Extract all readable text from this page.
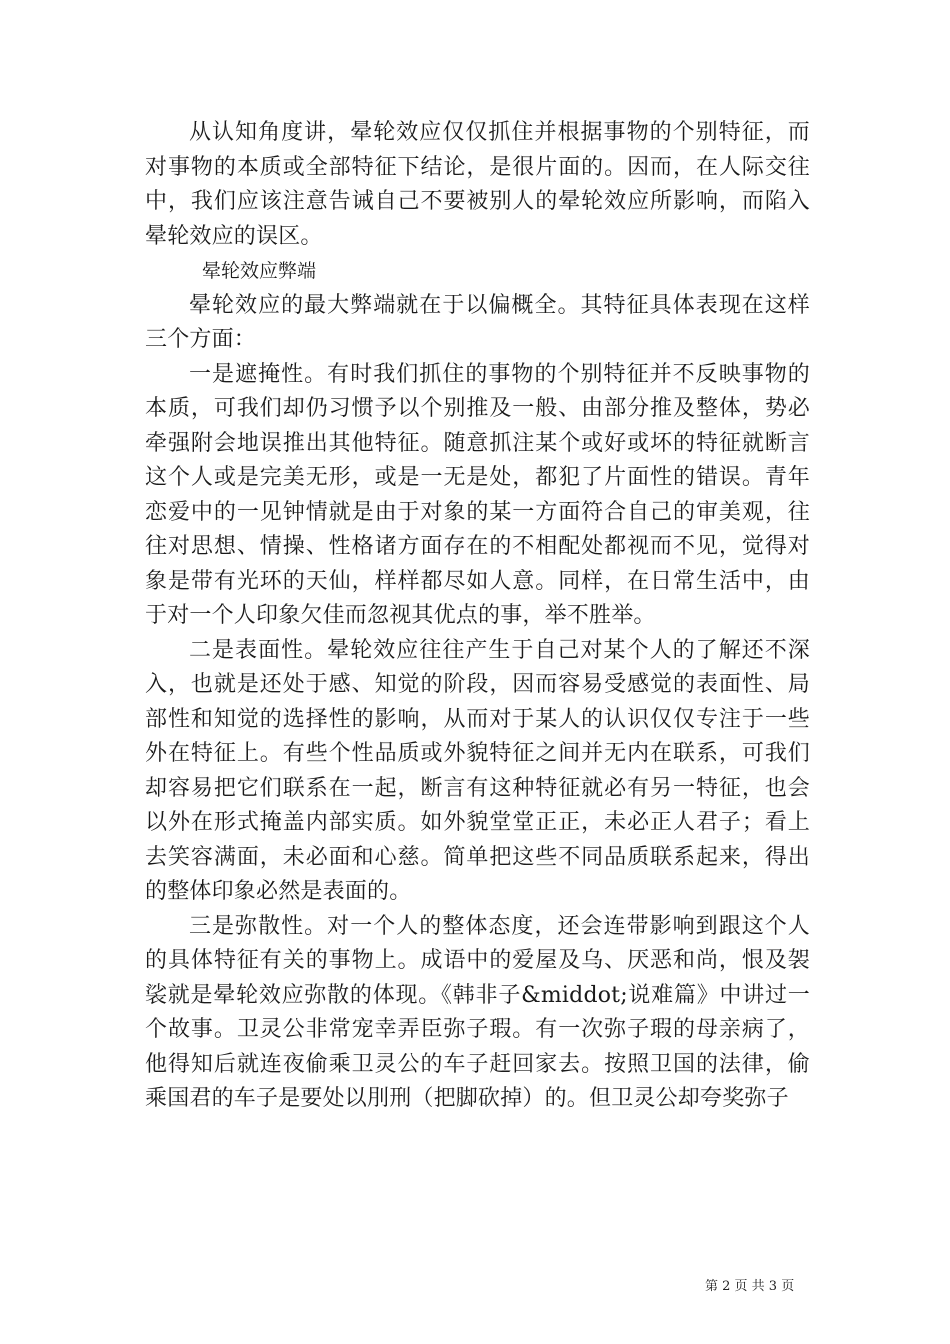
从认知角度讲，晕轮效应仅仅抓住并根据事物的个别特征，而对事物的本质或全部特征下结论，是很片面的。因而，在人际交往中，我们应该注意告诫自己不要被别人的晕轮效应所影响，而陷入晕轮效应的误区。

晕轮效应弊端

晕轮效应的最大弊端就在于以偏概全。其特征具体表现在这样三个方面：

一是遮掩性。有时我们抓住的事物的个别特征并不反映事物的本质，可我们却仍习惯予以个别推及一般、由部分推及整体，势必牵强附会地误推出其他特征。随意抓注某个或好或坏的特征就断言这个人或是完美无形，或是一无是处，都犯了片面性的错误。青年恋爱中的一见钟情就是由于对象的某一方面符合自己的审美观，往往对思想、情操、性格诸方面存在的不相配处都视而不见，觉得对象是带有光环的天仙，样样都尽如人意。同样，在日常生活中，由于对一个人印象欠佳而忽视其优点的事，举不胜举。

二是表面性。晕轮效应往往产生于自己对某个人的了解还不深入，也就是还处于感、知觉的阶段，因而容易受感觉的表面性、局部性和知觉的选择性的影响，从而对于某人的认识仅仅专注于一些外在特征上。有些个性品质或外貌特征之间并无内在联系，可我们却容易把它们联系在一起，断言有这种特征就必有另一特征，也会以外在形式掩盖内部实质。如外貌堂堂正正，未必正人君子；看上去笑容满面，未必面和心慈。简单把这些不同品质联系起来，得出的整体印象必然是表面的。

三是弥散性。对一个人的整体态度，还会连带影响到跟这个人的具体特征有关的事物上。成语中的爱屋及乌、厌恶和尚，恨及袈裟就是晕轮效应弥散的体现。《韩非子&middot;说难篇》中讲过一个故事。卫灵公非常宠幸弄臣弥子瑕。有一次弥子瑕的母亲病了，他得知后就连夜偷乘卫灵公的车子赶回家去。按照卫国的法律，偷乘国君的车子是要处以刖刑（把脚砍掉）的。但卫灵公却夸奖弥子

第 2 页 共 3 页
